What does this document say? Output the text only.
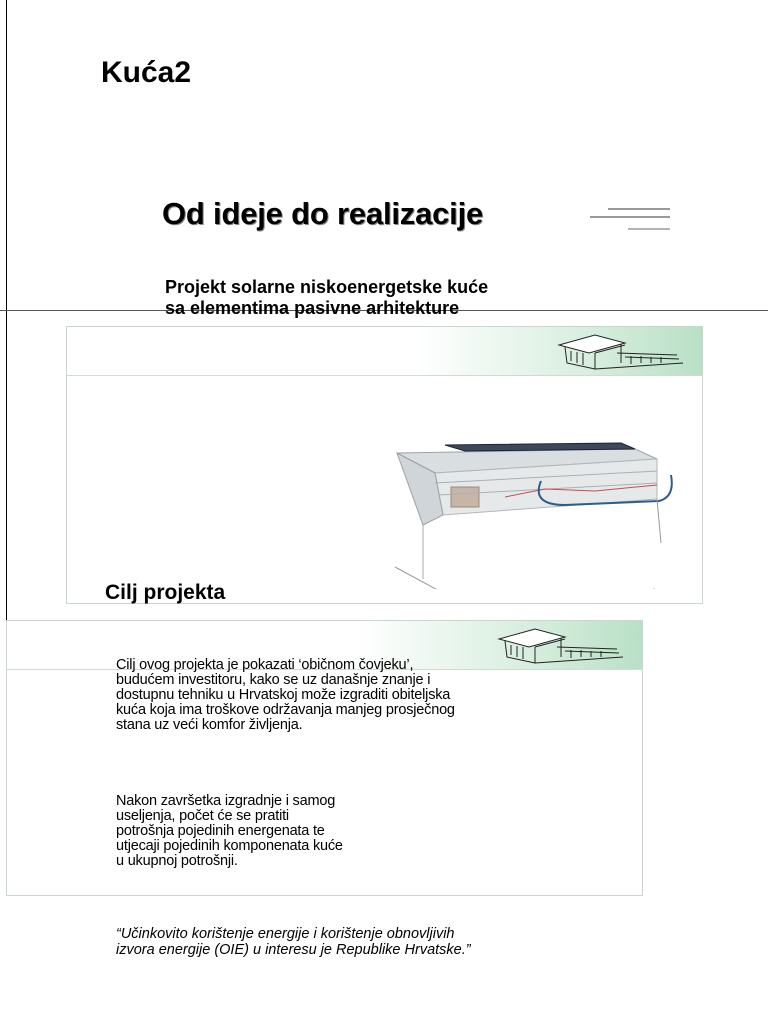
Kuća2
Od ideje do realizacije

Projekt solarne niskoenergetske kuće
sa elementima pasivne arhitekture

Cilj projekta

Cilj ovog projekta je pokazati ‘običnom čovjeku’,
budućem investitoru, kako se uz današnje znanje i
dostupnu tehniku u Hrvatskoj može izgraditi obiteljska
kuća koja ima troškove održavanja manjeg prosječnog
stana uz veći komfor življenja.

Nakon završetka izgradnje i samog
useljenja, počet će se pratiti
potrošnja pojedinih energenata te
utjecaji pojedinih komponenata kuće
u ukupnoj potrošnji.

“Učinkovito korištenje energije i korištenje obnovljivih
izvora energije (OIE) u interesu je Republike Hrvatske.”
